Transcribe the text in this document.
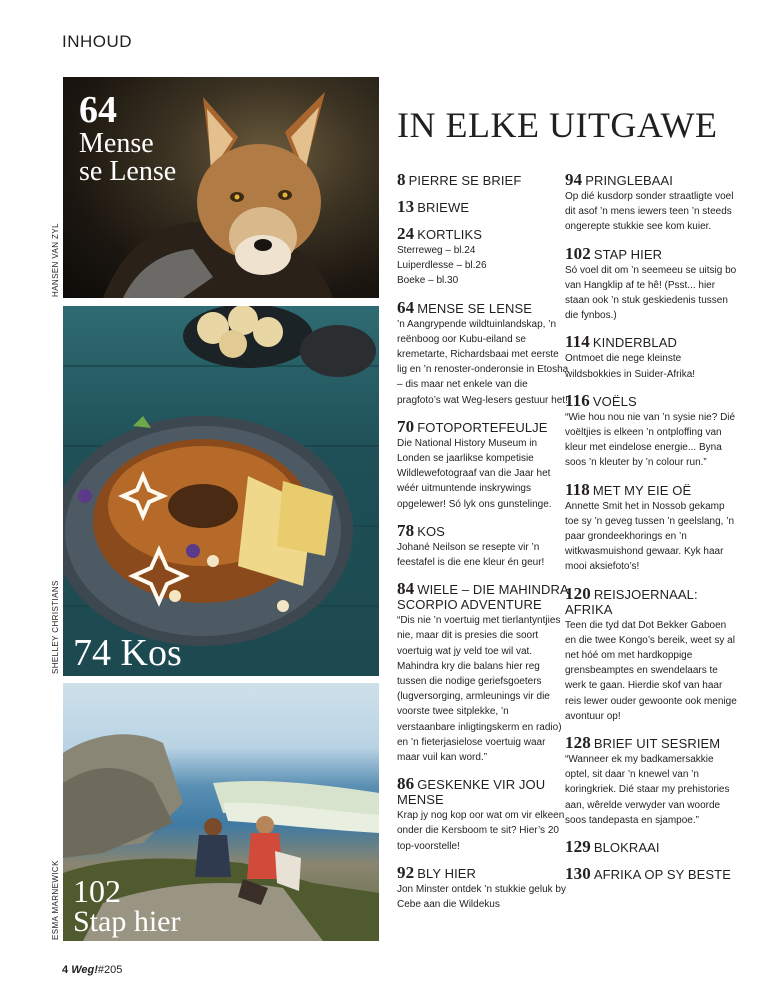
INHOUD
64
Mense
se Lense
HANSEN VAN ZYL
74 Kos
SHELLEY CHRISTIANS
102
Stap hier
ESMA MARNEWICK
IN ELKE UITGAWE
8 PIERRE SE BRIEF
13 BRIEWE
24 KORTLIKS
Sterreweg – bl.24
Luiperdlesse – bl.26
Boeke – bl.30
64 MENSE SE LENSE
’n Aangrypende wildtuinlandskap, ’n reënboog oor Kubu-eiland se kremetarte, Richardsbaai met eerste lig en ’n renoster-onderonsie in Etosha – dis maar net enkele van die pragfoto’s wat Weg-lesers gestuur het!
70 FOTOPORTEFEULJE
Die National History Museum in Londen se jaarlikse kompetisie Wildlewefotograaf van die Jaar het wéér uitmuntende inskrywings opgelewer! Só lyk ons gunstelinge.
78 KOS
Johané Neilson se resepte vir ’n feestafel is die ene kleur én geur!
84 WIELE – DIE MAHINDRA SCORPIO ADVENTURE
“Dis nie ’n voertuig met tierlantyntjies nie, maar dit is presies die soort voertuig wat jy veld toe wil vat. Mahindra kry die balans hier reg tussen die nodige geriefsgoeters (lugversorging, armleunings vir die voorste twee sitplekke, ’n verstaanbare inligtingskerm en radio) en ’n fieterjasielose voertuig waar maar vuil kan word.”
86 GESKENKE VIR JOU MENSE
Krap jy nog kop oor wat om vir elkeen onder die Kersboom te sit? Hier’s 20 top-voorstelle!
92 BLY HIER
Jon Minster ontdek ’n stukkie geluk by Cebe aan die Wildekus
94 PRINGLEBAAI
Op dié kusdorp sonder straatligte voel dit asof ’n mens iewers teen ’n steeds ongerepte stukkie see kom kuier.
102 STAP HIER
Só voel dit om ’n seemeeu se uitsig bo van Hangklip af te hê! (Psst... hier staan ook ’n stuk geskiedenis tussen die fynbos.)
114 KINDERBLAD
Ontmoet die nege kleinste wildsbokkies in Suider-Afrika!
116 VOËLS
“Wie hou nou nie van ’n sysie nie? Dié voëltjies is elkeen ’n ontploffing van kleur met eindelose energie... Byna soos ’n kleuter by ’n colour run.”
118 MET MY EIE OË
Annette Smit het in Nossob gekamp toe sy ’n geveg tussen ’n geelslang, ’n paar grondeekhorings en ’n witkwasmuishond gewaar. Kyk haar mooi aksiefoto’s!
120 REISJOERNAAL: AFRIKA
Teen die tyd dat Dot Bekker Gaboen en die twee Kongo’s bereik, weet sy al net hóé om met hardkoppige grensbeamptes en swendelaars te werk te gaan. Hierdie skof van haar reis lewer ouder gewoonte ook menige avontuur op!
128 BRIEF UIT SESRIEM
“Wanneer ek my badkamersakkie optel, sit daar ’n knewel van ’n koringkriek. Dié staar my prehistories aan, wêrelde verwyder van woorde soos tandepasta en sjampoe.”
129 BLOKRAAI
130 AFRIKA OP SY BESTE
4 Weg!#205
